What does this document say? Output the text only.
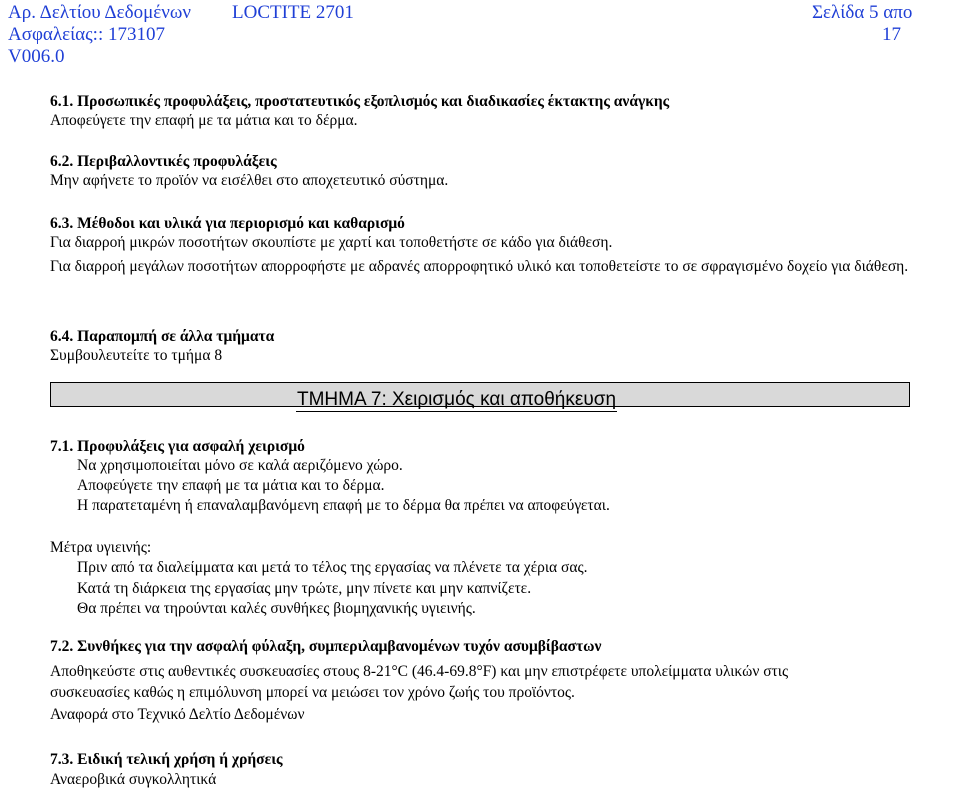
Αρ. Δελτίου Δεδομένων
Ασφαλείας:: 173107
V006.0
LOCTITE 2701	Σελίδα 5 απο
17
6.1. Προσωπικές προφυλάξεις, προστατευτικός εξοπλισμός και διαδικασίες έκτακτης ανάγκης
Αποφεύγετε την επαφή με τα μάτια και το δέρμα.
6.2. Περιβαλλοντικές προφυλάξεις
Μην αφήνετε το προϊόν να εισέλθει στο αποχετευτικό σύστημα.
6.3. Μέθοδοι και υλικά για περιορισμό και καθαρισμό
Για διαρροή μικρών ποσοτήτων σκουπίστε με χαρτί και τοποθετήστε σε κάδο για διάθεση.
Για διαρροή μεγάλων ποσοτήτων απορροφήστε με αδρανές απορροφητικό υλικό και τοποθετείστε το σε σφραγισμένο δοχείο για διάθεση.
6.4. Παραπομπή σε άλλα τμήματα
Συμβουλευτείτε το τμήμα 8
ΤΜΗΜΑ 7: Χειρισμός και αποθήκευση
7.1. Προφυλάξεις για ασφαλή χειρισμό
Να χρησιμοποιείται μόνο σε καλά αεριζόμενο χώρο.
Αποφεύγετε την επαφή με τα μάτια και το δέρμα.
Η παρατεταμένη ή επαναλαμβανόμενη επαφή με το δέρμα θα πρέπει να αποφεύγεται.
Μέτρα υγιεινής:
Πριν από τα διαλείμματα και μετά το τέλος της εργασίας να πλένετε τα χέρια σας.
Κατά τη διάρκεια της εργασίας μην τρώτε, μην πίνετε και μην καπνίζετε.
Θα πρέπει να τηρούνται καλές συνθήκες βιομηχανικής υγιεινής.
7.2. Συνθήκες για την ασφαλή φύλαξη, συμπεριλαμβανομένων τυχόν ασυμβίβαστων
Αποθηκεύστε στις αυθεντικές συσκευασίες στους 8-21°C (46.4-69.8°F) και μην επιστρέφετε υπολείμματα υλικών στις
συσκευασίες καθώς η επιμόλυνση μπορεί να μειώσει τον χρόνο ζωής του προϊόντος.
Αναφορά στο Τεχνικό Δελτίο Δεδομένων
7.3. Ειδική τελική χρήση ή χρήσεις
Αναεροβικά συγκολλητικά
